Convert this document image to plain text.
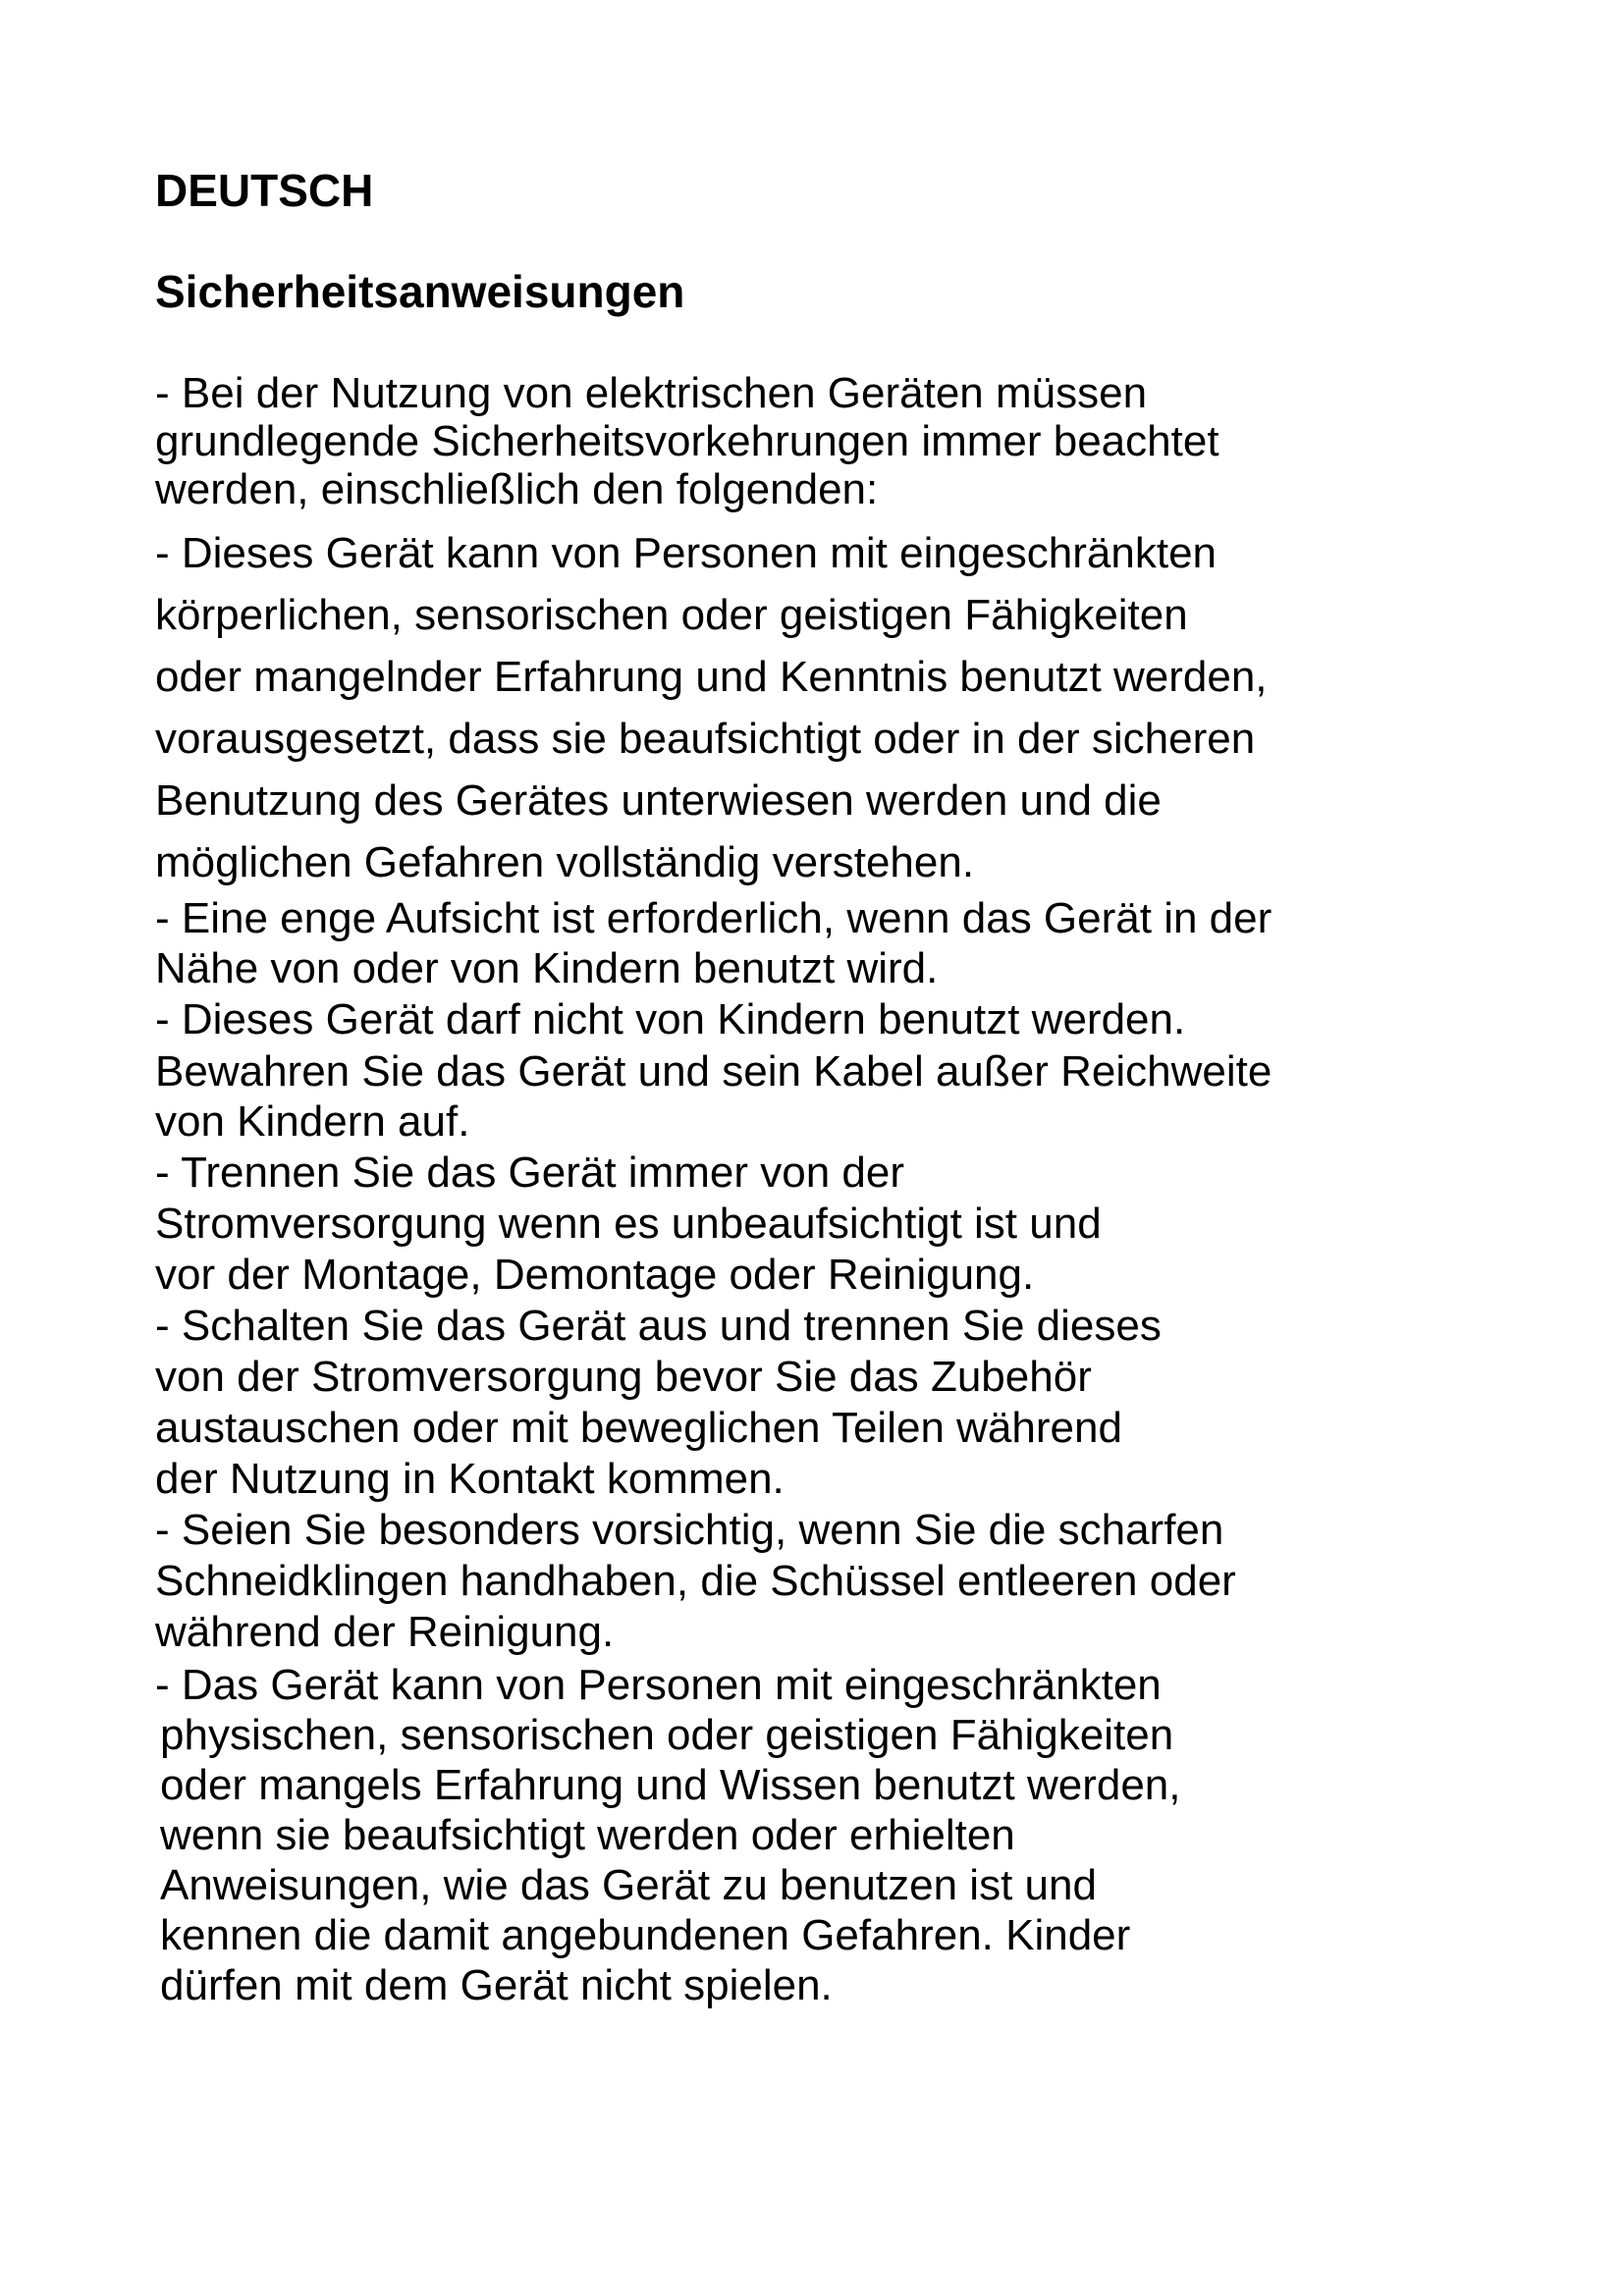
DEUTSCH
Sicherheitsanweisungen

- Bei der Nutzung von elektrischen Geräten müssen

grundlegende Sicherheitsvorkehrungen immer beachtet

werden, einschließlich den folgenden:

- Dieses Gerät kann von Personen mit eingeschränkten

körperlichen, sensorischen oder geistigen Fähigkeiten

oder mangelnder Erfahrung und Kenntnis benutzt werden,

vorausgesetzt, dass sie beaufsichtigt oder in der sicheren

Benutzung des Gerätes unterwiesen werden und die

möglichen Gefahren vollständig verstehen.

- Eine enge Aufsicht ist erforderlich, wenn das Gerät in der

Nähe von oder von Kindern benutzt wird.

- Dieses Gerät darf nicht von Kindern benutzt werden.

Bewahren Sie das Gerät und sein Kabel außer Reichweite

von Kindern auf.

- Trennen Sie das Gerät immer von der

Stromversorgung wenn es unbeaufsichtigt ist und

vor der Montage, Demontage oder Reinigung.

- Schalten Sie das Gerät aus und trennen Sie dieses

von der Stromversorgung bevor Sie das Zubehör

austauschen oder mit beweglichen Teilen während

der Nutzung in Kontakt kommen.

- Seien Sie besonders vorsichtig, wenn Sie die scharfen

Schneidklingen handhaben, die Schüssel entleeren oder

während der Reinigung.

- Das Gerät kann von Personen mit eingeschränkten

physischen, sensorischen oder geistigen Fähigkeiten

oder mangels Erfahrung und Wissen benutzt werden,

wenn sie beaufsichtigt werden oder erhielten

Anweisungen, wie das Gerät zu benutzen ist und

kennen die damit angebundenen Gefahren. Kinder

dürfen mit dem Gerät nicht spielen.
